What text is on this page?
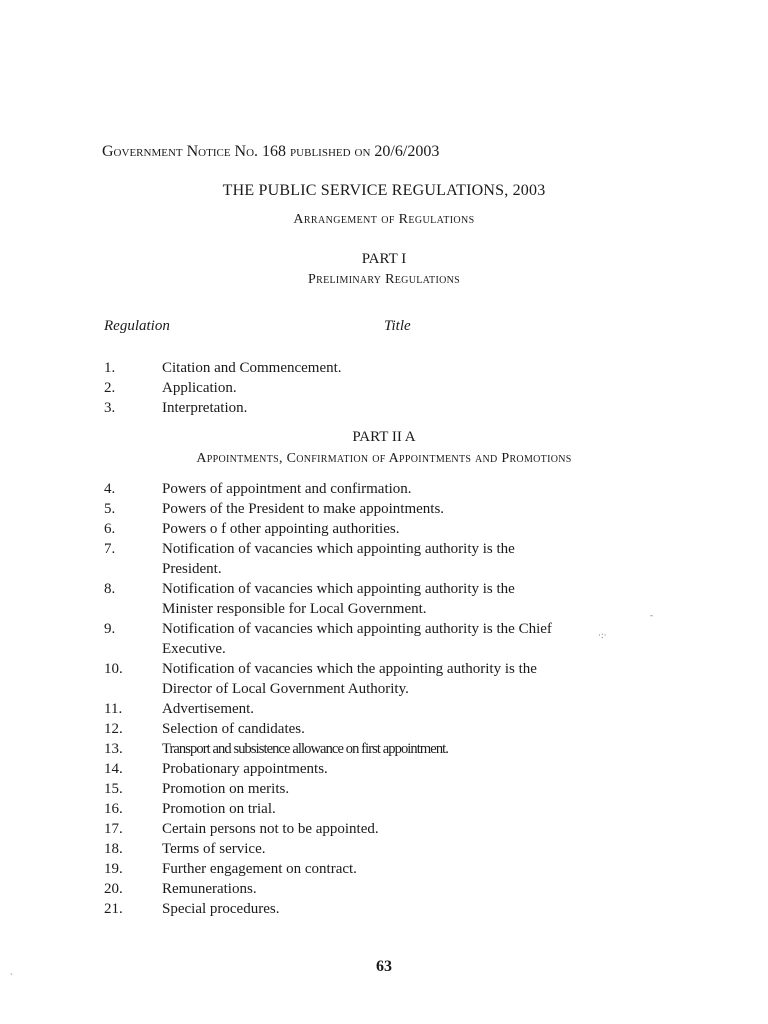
Government Notice No. 168 published on 20/6/2003
THE PUBLIC SERVICE REGULATIONS, 2003
Arrangement of Regulations
PART I
Preliminary Regulations
Regulation	Title
1.	Citation and Commencement.
2.	Application.
3.	Interpretation.
PART II A
Appointments, Confirmation of Appointments and Promotions
4.	Powers of appointment and confirmation.
5.	Powers of the President to make appointments.
6.	Powers o f other appointing authorities.
7.	Notification of vacancies which appointing authority is the President.
8.	Notification of vacancies which appointing authority is the Minister responsible for Local Government.
9.	Notification of vacancies which appointing authority is the Chief Executive.
10.	Notification of vacancies which the appointing authority is the Director of Local Government Authority.
11.	Advertisement.
12.	Selection of candidates.
13.	Transport and subsistence allowance on first appointment.
14.	Probationary appointments.
15.	Promotion on merits.
16.	Promotion on trial.
17.	Certain persons not to be appointed.
18.	Terms of service.
19.	Further engagement on contract.
20.	Remunerations.
21.	Special procedures.
63
·:·
-
`
